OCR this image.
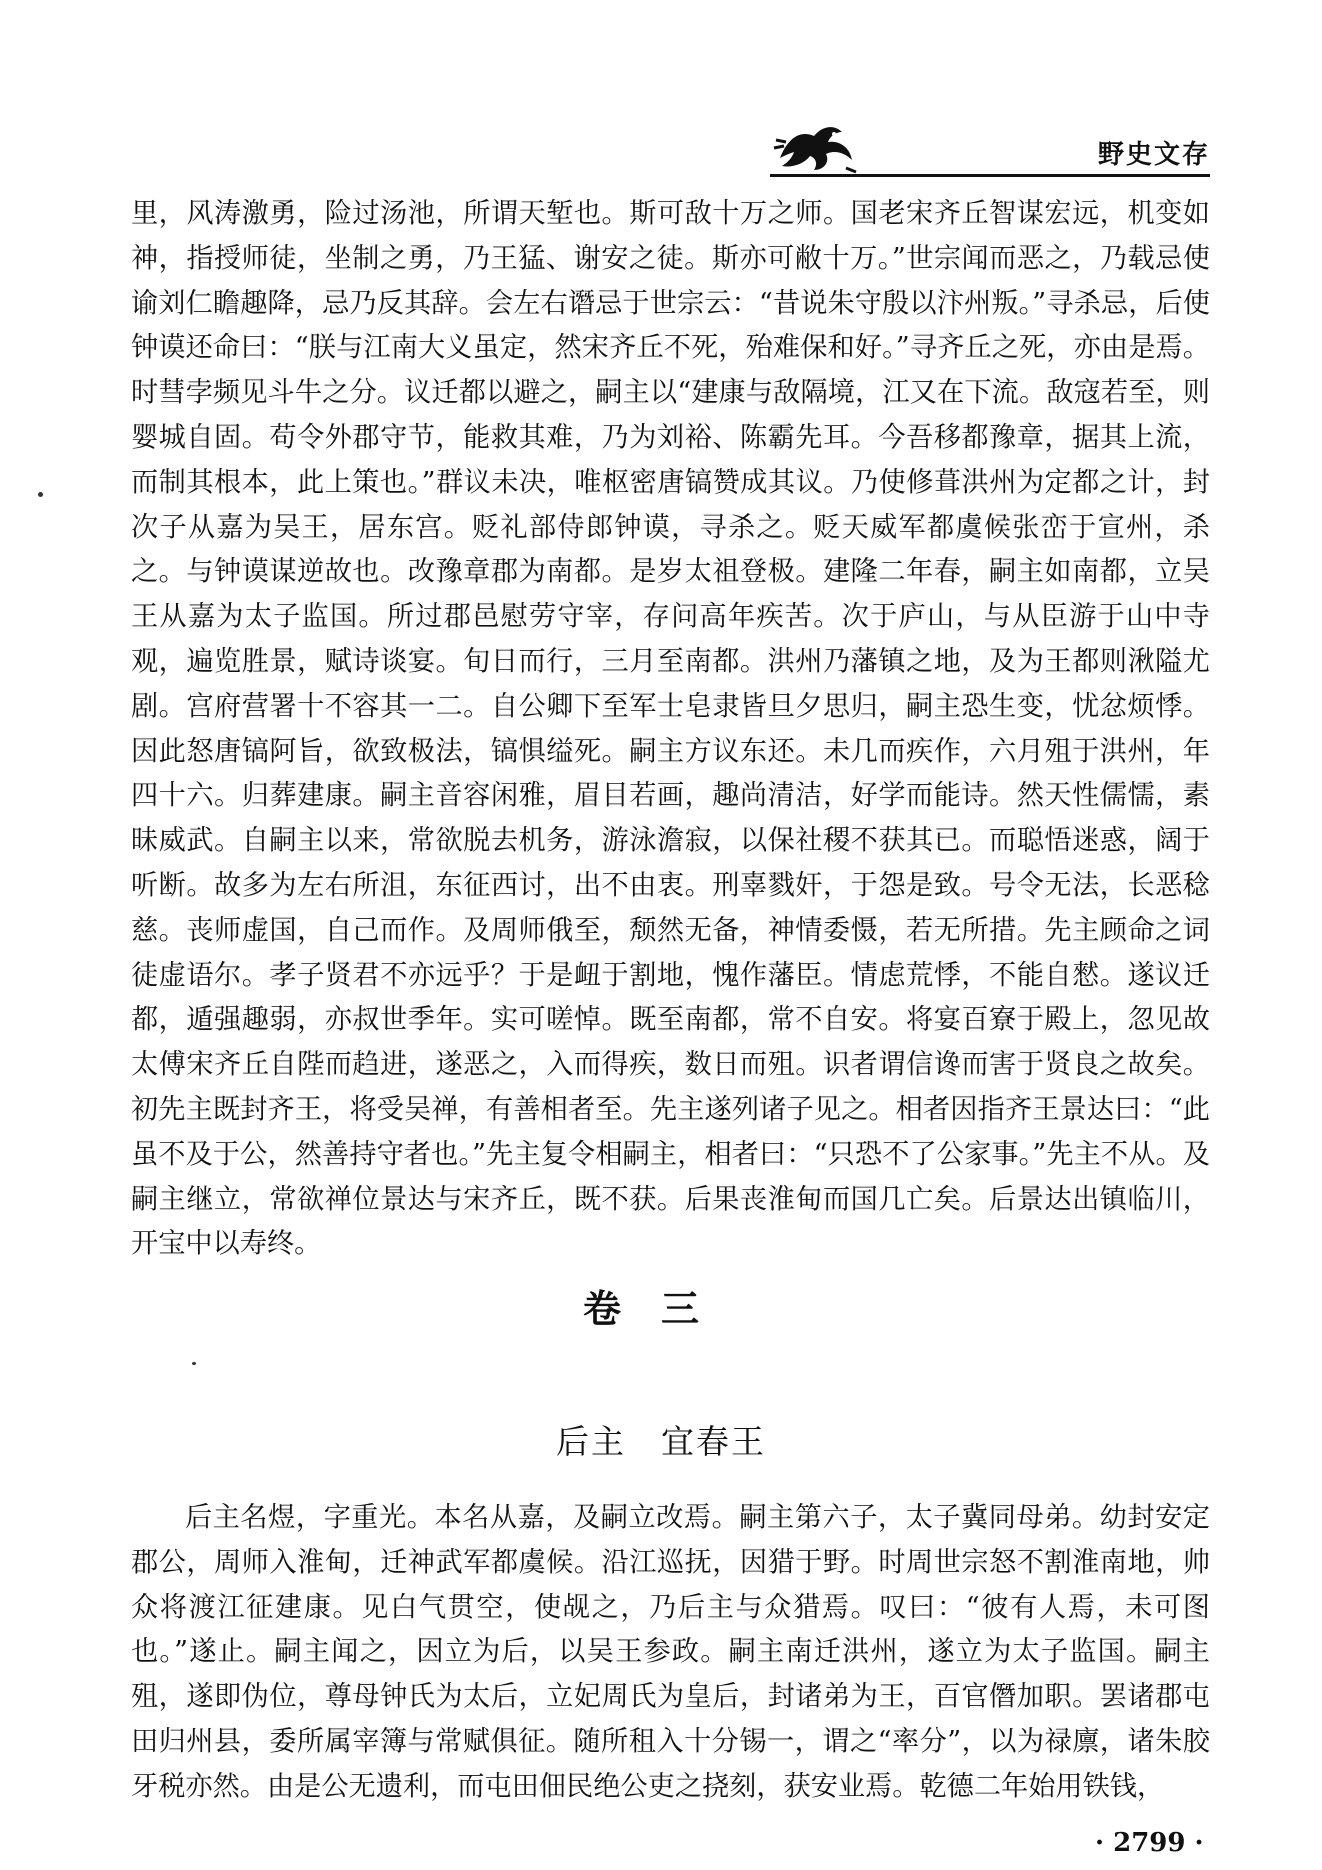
野史文存

里，风涛激勇，险过汤池，所谓天堑也。斯可敌十万之师。国老宋齐丘智谋宏远，机变如神，指授师徒，坐制之勇，乃王猛、谢安之徒。斯亦可敝十万。”世宗闻而恶之，乃载忌使谕刘仁瞻趣降，忌乃反其辞。会左右谮忌于世宗云：“昔说朱守殷以汴州叛。”寻杀忌，后使钟谟还命曰：“朕与江南大义虽定，然宋齐丘不死，殆难保和好。”寻齐丘之死，亦由是焉。时彗孛频见斗牛之分。议迁都以避之，嗣主以“建康与敌隔境，江又在下流。敌寇若至，则婴城自固。苟令外郡守节，能救其难，乃为刘裕、陈霸先耳。今吾移都豫章，据其上流，而制其根本，此上策也。”群议未决，唯枢密唐镐赞成其议。乃使修葺洪州为定都之计，封次子从嘉为吴王，居东宫。贬礼部侍郎钟谟，寻杀之。贬天威军都虞候张峦于宣州，杀之。与钟谟谋逆故也。改豫章郡为南都。是岁太祖登极。建隆二年春，嗣主如南都，立吴王从嘉为太子监国。所过郡邑慰劳守宰，存问高年疾苦。次于庐山，与从臣游于山中寺观，遍览胜景，赋诗谈宴。旬日而行，三月至南都。洪州乃藩镇之地，及为王都则湫隘尤剧。宫府营署十不容其一二。自公卿下至军士皂隶皆旦夕思归，嗣主恐生变，忧忿烦悸。因此怒唐镐阿旨，欲致极法，镐惧缢死。嗣主方议东还。未几而疾作，六月殂于洪州，年四十六。归葬建康。嗣主音容闲雅，眉目若画，趣尚清洁，好学而能诗。然天性儒懦，素昧威武。自嗣主以来，常欲脱去机务，游泳澹寂，以保社稷不获其已。而聪悟迷惑，阔于听断。故多为左右所沮，东征西讨，出不由衷。刑辜戮奸，于怨是致。号令无法，长恶稔慈。丧师虚国，自己而作。及周师俄至，颓然无备，神情委慑，若无所措。先主顾命之词徒虚语尔。孝子贤君不亦远乎？于是衄于割地，愧作藩臣。情虑荒悸，不能自憖。遂议迁都，遁强趣弱，亦叔世季年。实可嗟悼。既至南都，常不自安。将宴百寮于殿上，忽见故太傅宋齐丘自陛而趋进，遂恶之，入而得疾，数日而殂。识者谓信谗而害于贤良之故矣。初先主既封齐王，将受吴禅，有善相者至。先主遂列诸子见之。相者因指齐王景达曰：“此虽不及于公，然善持守者也。”先主复令相嗣主，相者曰：“只恐不了公家事。”先主不从。及嗣主继立，常欲禅位景达与宋齐丘，既不获。后果丧淮甸而国几亡矣。后景达出镇临川，开宝中以寿终。

卷三
后主　宜春王

后主名煜，字重光。本名从嘉，及嗣立改焉。嗣主第六子，太子冀同母弟。幼封安定郡公，周师入淮甸，迁神武军都虞候。沿江巡抚，因猎于野。时周世宗怒不割淮南地，帅众将渡江征建康。见白气贯空，使觇之，乃后主与众猎焉。叹曰：“彼有人焉，未可图也。”遂止。嗣主闻之，因立为后，以吴王参政。嗣主南迁洪州，遂立为太子监国。嗣主殂，遂即伪位，尊母钟氏为太后，立妃周氏为皇后，封诸弟为王，百官僭加职。罢诸郡屯田归州县，委所属宰簿与常赋俱征。随所租入十分锡一，谓之“率分”，以为禄廪，诸朱胶牙税亦然。由是公无遗利，而屯田佃民绝公吏之挠刻，获安业焉。乾德二年始用铁钱，

· 2799 ·
